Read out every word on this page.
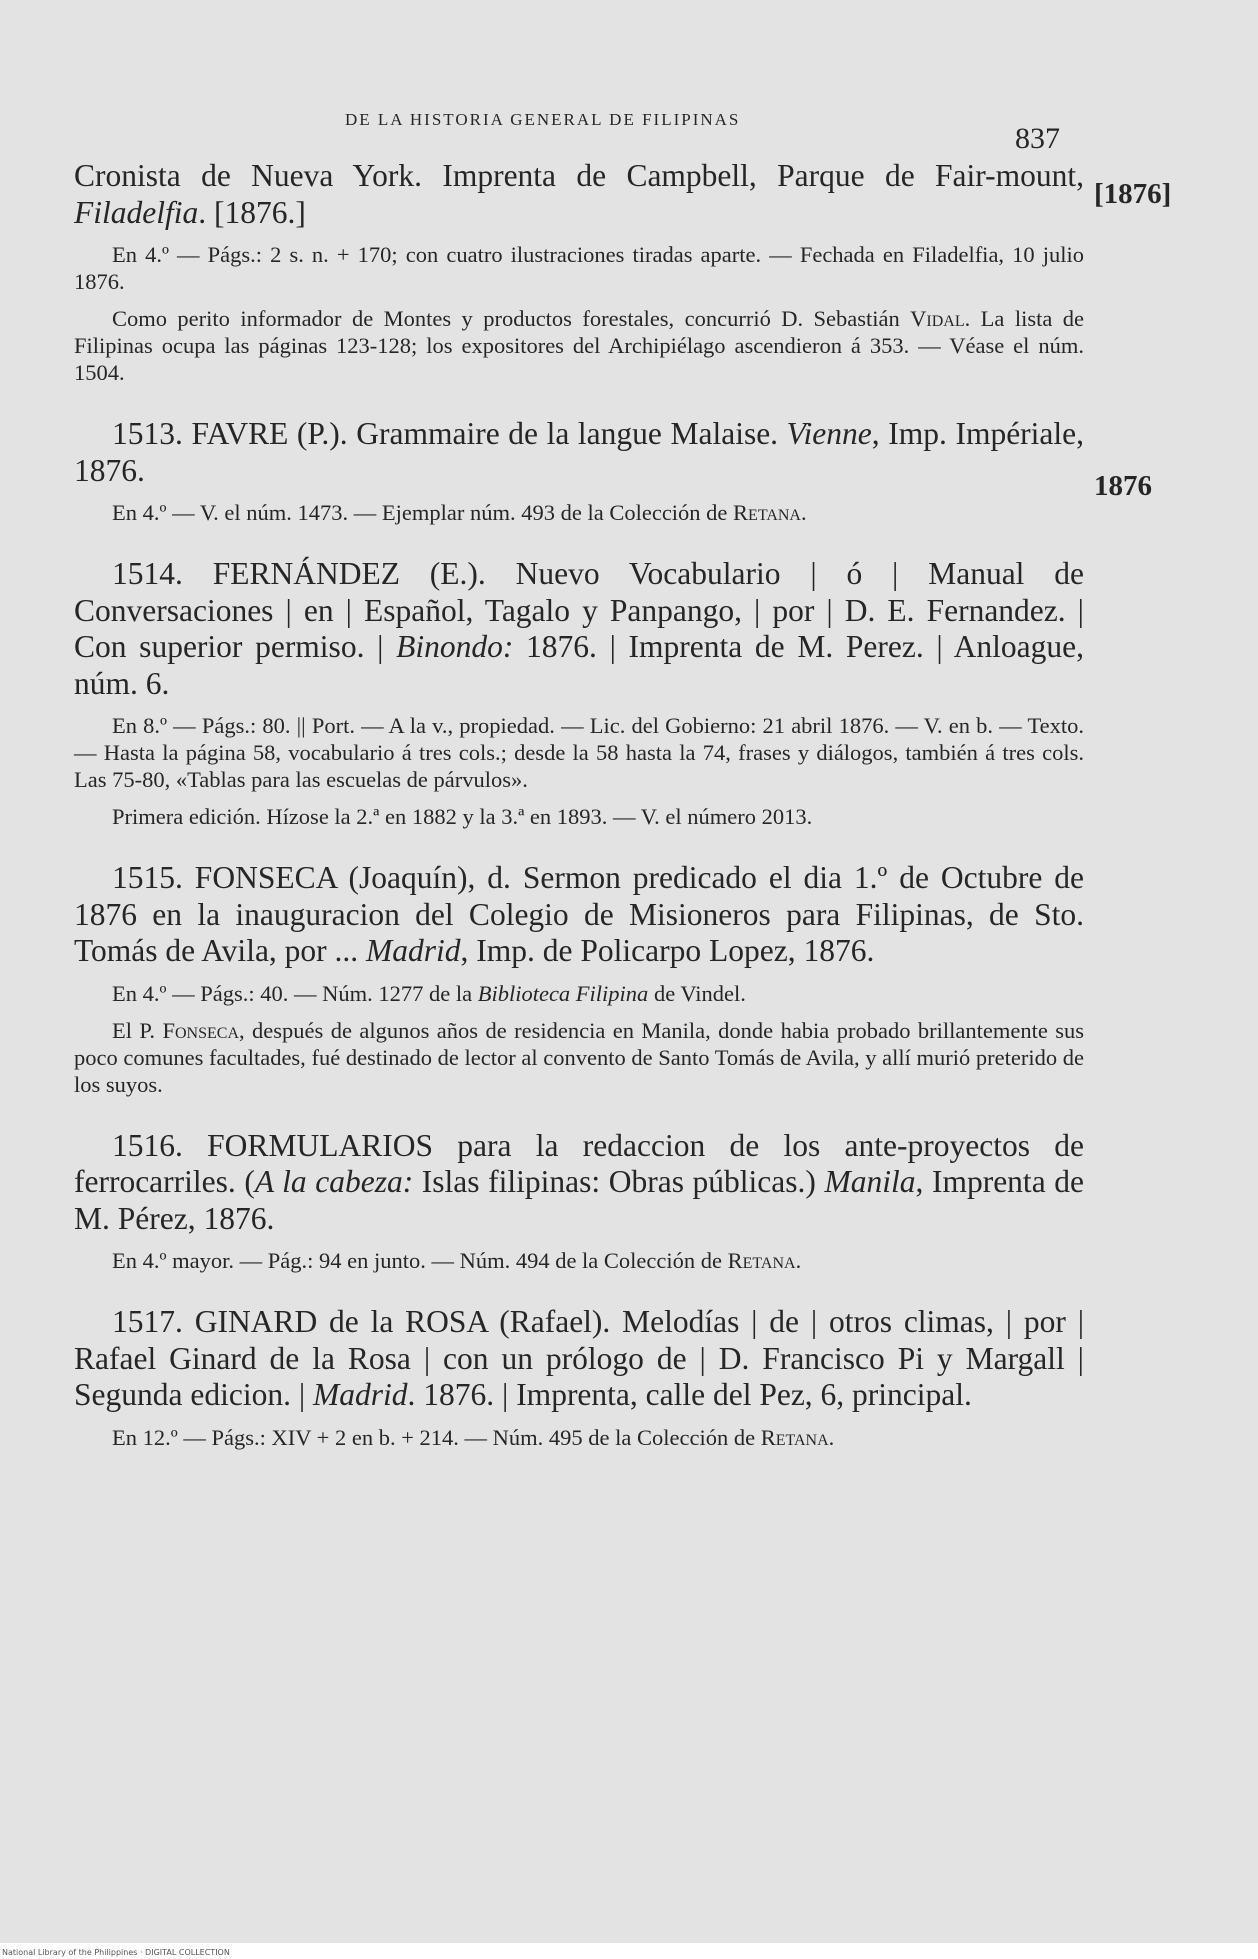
DE LA HISTORIA GENERAL DE FILIPINAS
837
[1876]
1876

Cronista de Nueva York. Imprenta de Campbell, Parque de Fair-mount, Filadelfia. [1876.]

En 4.º — Págs.: 2 s. n. + 170; con cuatro ilustraciones tiradas aparte. — Fechada en Filadelfia, 10 julio 1876.

Como perito informador de Montes y productos forestales, concurrió D. Sebastián Vidal. La lista de Filipinas ocupa las páginas 123-128; los expositores del Archipiélago ascendieron á 353. — Véase el núm. 1504.

1513. FAVRE (P.). Grammaire de la langue Malaise. Vienne, Imp. Impériale, 1876.

En 4.º — V. el núm. 1473. — Ejemplar núm. 493 de la Colección de Retana.

1514. FERNÁNDEZ (E.). Nuevo Vocabulario | ó | Manual de Conversaciones | en | Español, Tagalo y Panpango, | por | D. E. Fernandez. | Con superior permiso. | Binondo: 1876. | Imprenta de M. Perez. | Anloague, núm. 6.

En 8.º — Págs.: 80. || Port. — A la v., propiedad. — Lic. del Gobierno: 21 abril 1876. — V. en b. — Texto. — Hasta la página 58, vocabulario á tres cols.; desde la 58 hasta la 74, frases y diálogos, también á tres cols. Las 75-80, «Tablas para las escuelas de párvulos».

Primera edición. Hízose la 2.ª en 1882 y la 3.ª en 1893. — V. el número 2013.

1515. FONSECA (Joaquín), d. Sermon predicado el dia 1.º de Octubre de 1876 en la inauguracion del Colegio de Misioneros para Filipinas, de Sto. Tomás de Avila, por ... Madrid, Imp. de Policarpo Lopez, 1876.

En 4.º — Págs.: 40. — Núm. 1277 de la Biblioteca Filipina de Vindel.

El P. Fonseca, después de algunos años de residencia en Manila, donde habia probado brillantemente sus poco comunes facultades, fué destinado de lector al convento de Santo Tomás de Avila, y allí murió preterido de los suyos.

1516. FORMULARIOS para la redaccion de los ante-proyectos de ferrocarriles. (A la cabeza: Islas filipinas: Obras públicas.) Manila, Imprenta de M. Pérez, 1876.

En 4.º mayor. — Pág.: 94 en junto. — Núm. 494 de la Colección de Retana.

1517. GINARD de la ROSA (Rafael). Melodías | de | otros climas, | por | Rafael Ginard de la Rosa | con un prólogo de | D. Francisco Pi y Margall | Segunda edicion. | Madrid. 1876. | Imprenta, calle del Pez, 6, principal.

En 12.º — Págs.: XIV + 2 en b. + 214. — Núm. 495 de la Colección de Retana.

National Library of the Philippines · DIGITAL COLLECTION
